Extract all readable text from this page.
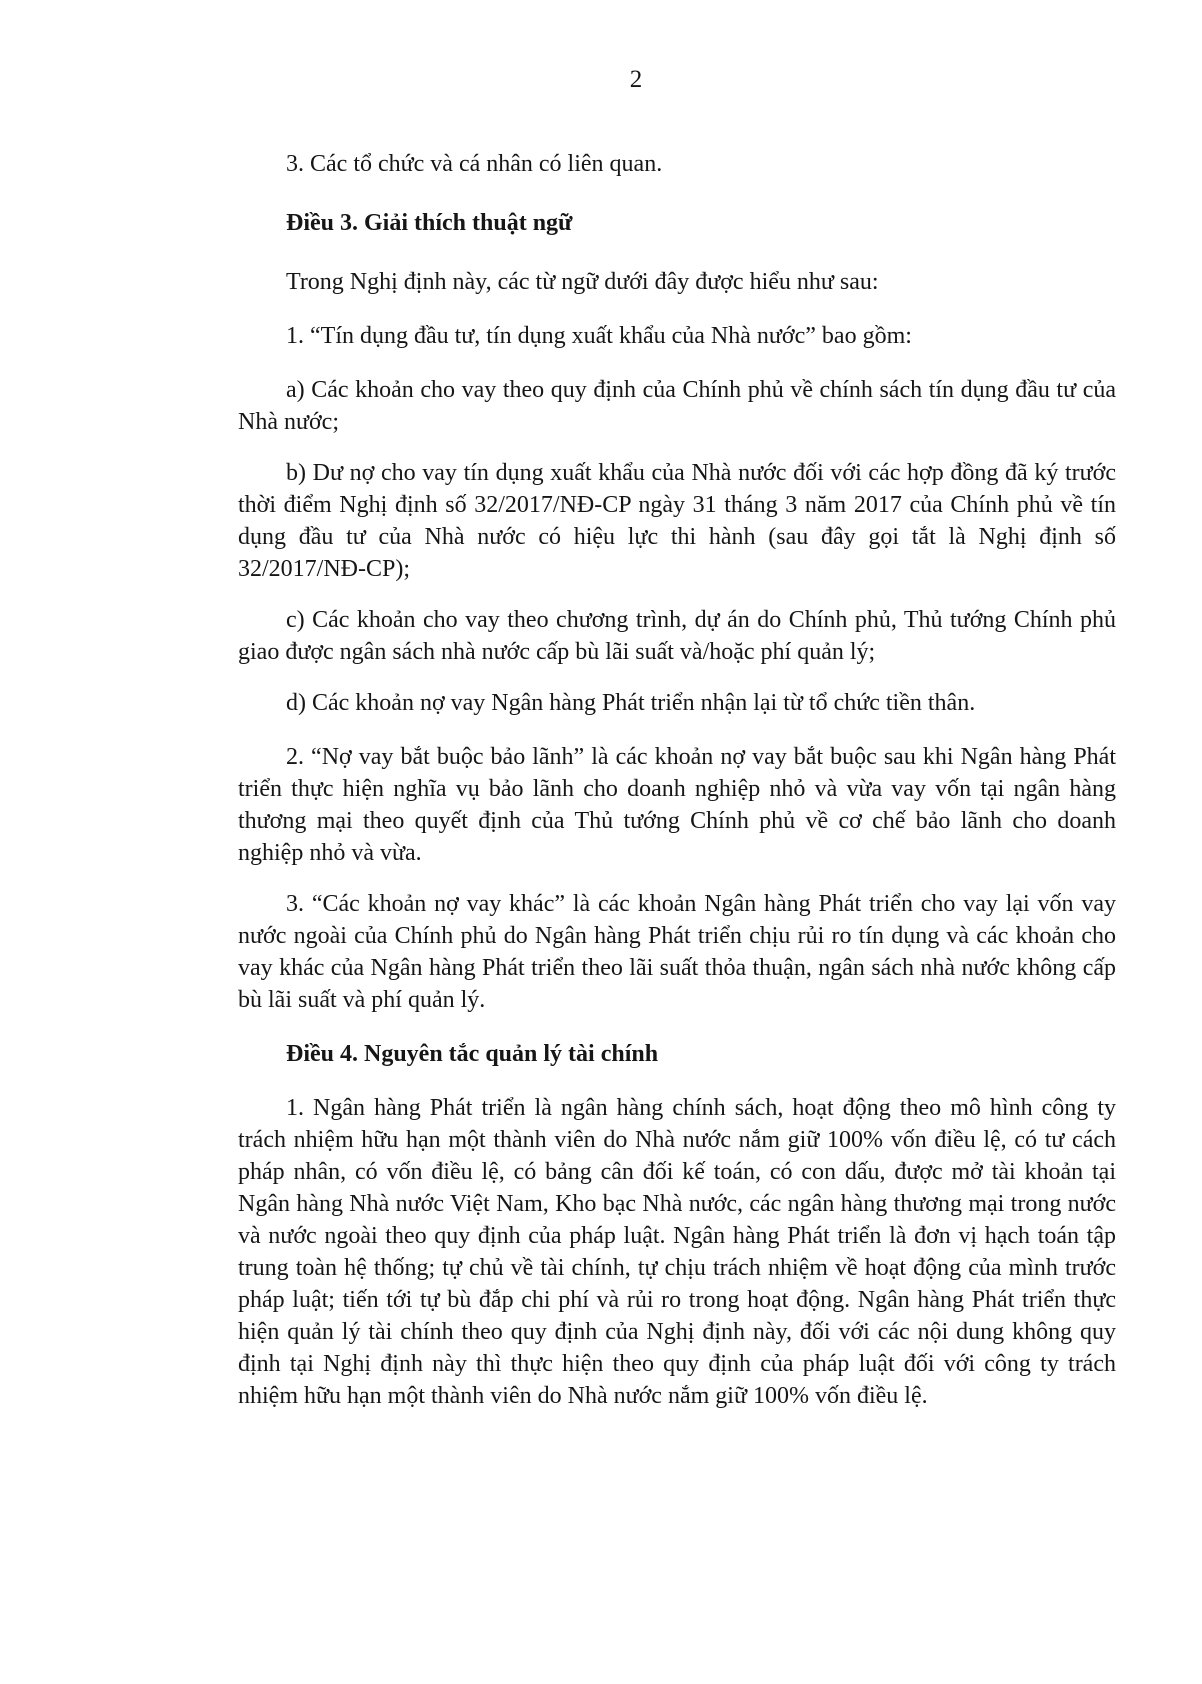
2

3. Các tổ chức và cá nhân có liên quan.

Điều 3. Giải thích thuật ngữ

Trong Nghị định này, các từ ngữ dưới đây được hiểu như sau:

1. “Tín dụng đầu tư, tín dụng xuất khẩu của Nhà nước” bao gồm:

a) Các khoản cho vay theo quy định của Chính phủ về chính sách tín dụng đầu tư của Nhà nước;

b) Dư nợ cho vay tín dụng xuất khẩu của Nhà nước đối với các hợp đồng đã ký trước thời điểm Nghị định số 32/2017/NĐ-CP ngày 31 tháng 3 năm 2017 của Chính phủ về tín dụng đầu tư của Nhà nước có hiệu lực thi hành (sau đây gọi tắt là Nghị định số 32/2017/NĐ-CP);

c) Các khoản cho vay theo chương trình, dự án do Chính phủ, Thủ tướng Chính phủ giao được ngân sách nhà nước cấp bù lãi suất và/hoặc phí quản lý;

d) Các khoản nợ vay Ngân hàng Phát triển nhận lại từ tổ chức tiền thân.

2. “Nợ vay bắt buộc bảo lãnh” là các khoản nợ vay bắt buộc sau khi Ngân hàng Phát triển thực hiện nghĩa vụ bảo lãnh cho doanh nghiệp nhỏ và vừa vay vốn tại ngân hàng thương mại theo quyết định của Thủ tướng Chính phủ về cơ chế bảo lãnh cho doanh nghiệp nhỏ và vừa.

3. “Các khoản nợ vay khác” là các khoản Ngân hàng Phát triển cho vay lại vốn vay nước ngoài của Chính phủ do Ngân hàng Phát triển chịu rủi ro tín dụng và các khoản cho vay khác của Ngân hàng Phát triển theo lãi suất thỏa thuận, ngân sách nhà nước không cấp bù lãi suất và phí quản lý.

Điều 4. Nguyên tắc quản lý tài chính

1. Ngân hàng Phát triển là ngân hàng chính sách, hoạt động theo mô hình công ty trách nhiệm hữu hạn một thành viên do Nhà nước nắm giữ 100% vốn điều lệ, có tư cách pháp nhân, có vốn điều lệ, có bảng cân đối kế toán, có con dấu, được mở tài khoản tại Ngân hàng Nhà nước Việt Nam, Kho bạc Nhà nước, các ngân hàng thương mại trong nước và nước ngoài theo quy định của pháp luật. Ngân hàng Phát triển là đơn vị hạch toán tập trung toàn hệ thống; tự chủ về tài chính, tự chịu trách nhiệm về hoạt động của mình trước pháp luật; tiến tới tự bù đắp chi phí và rủi ro trong hoạt động. Ngân hàng Phát triển thực hiện quản lý tài chính theo quy định của Nghị định này, đối với các nội dung không quy định tại Nghị định này thì thực hiện theo quy định của pháp luật đối với công ty trách nhiệm hữu hạn một thành viên do Nhà nước nắm giữ 100% vốn điều lệ.
